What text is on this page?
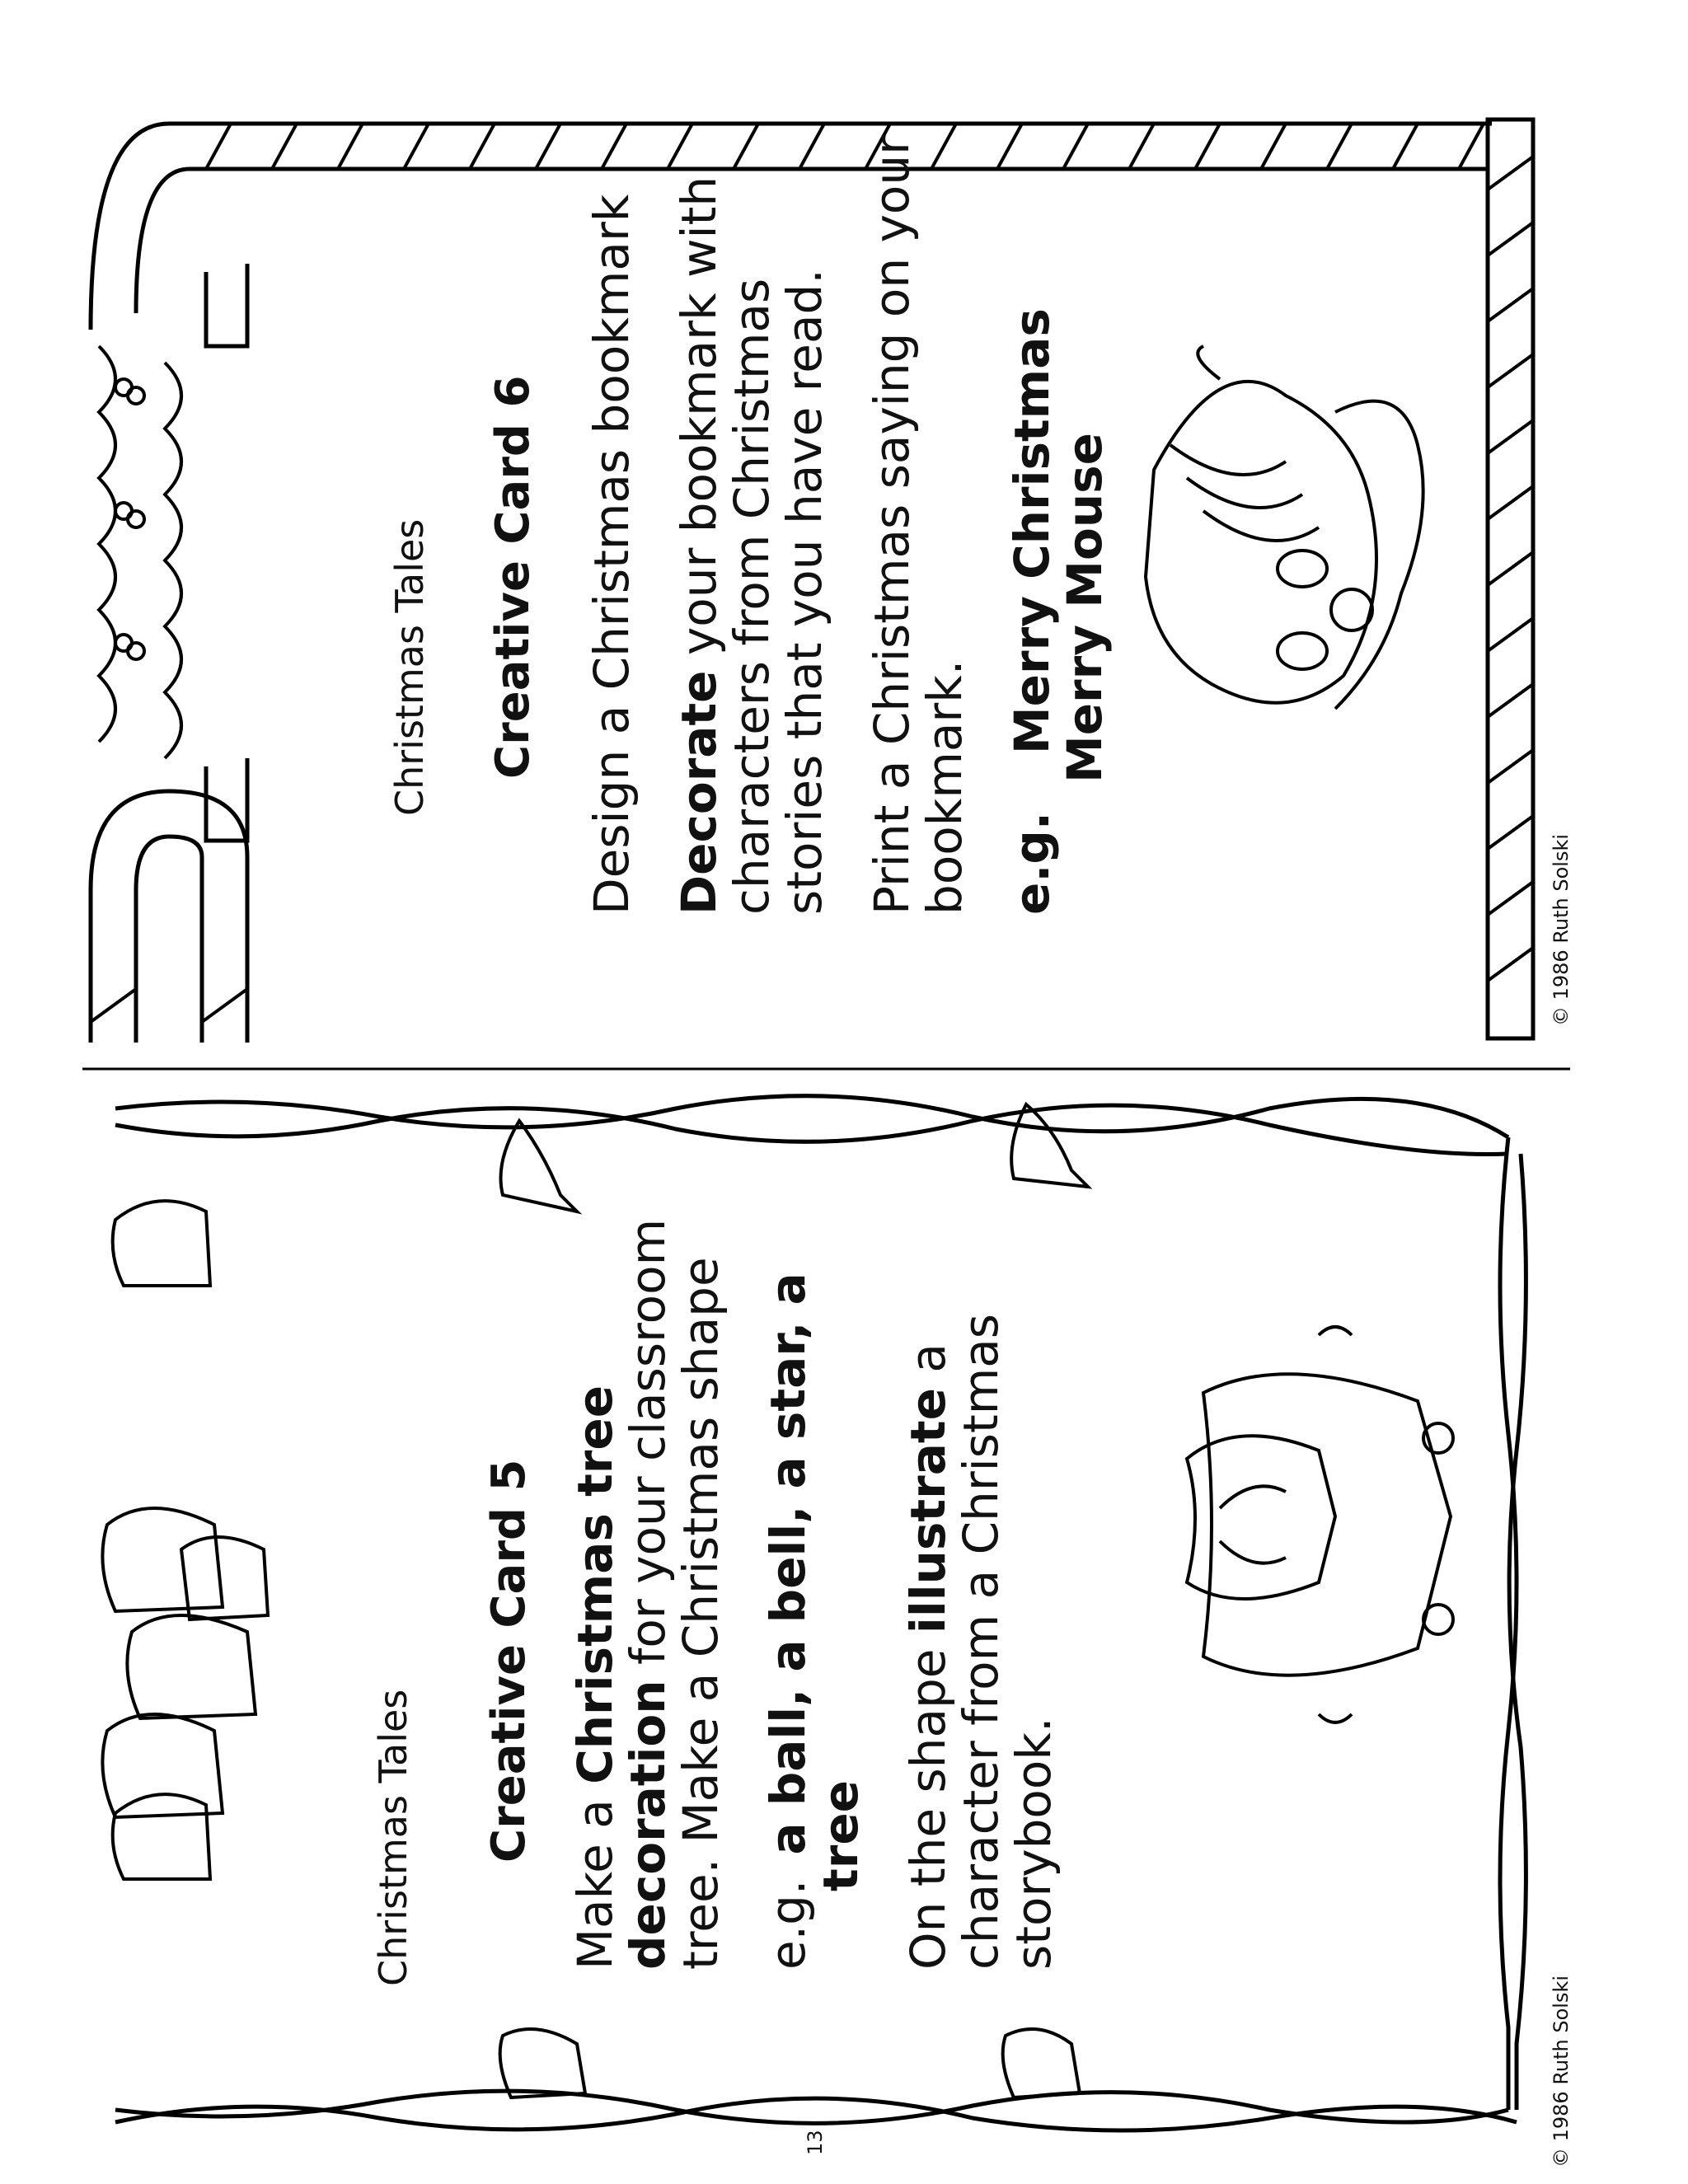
Christmas Tales Creative Card 6 Design a Christmas bookmark Decorate your bookmark with
characters from Christmas
stories that you have read. Print a Christmas saying on your
bookmark. e.g.Merry Christmas
Merry Mouse
© 1986 Ruth Solski
Christmas Tales Creative Card 5
Make a Christmas tree
decoration for your classroom
tree. Make a Christmas shape e.g.a ball, a bell, a star, a
tree On the shape illustrate a
character from a Christmas
storybook.
© 1986 Ruth Solski
13
